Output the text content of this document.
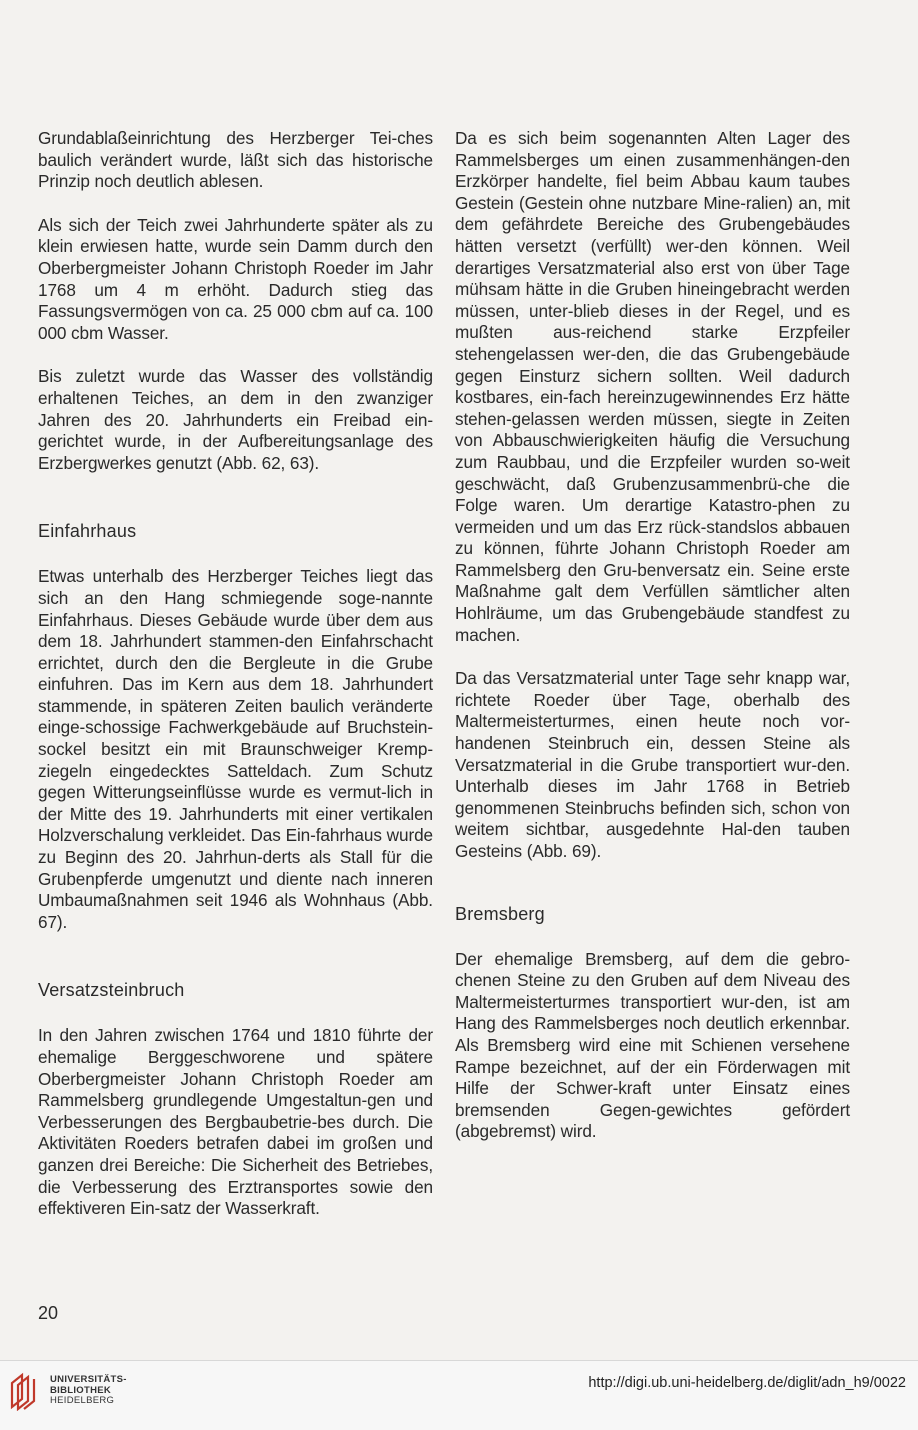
Grundablaßeinrichtung des Herzberger Tei-ches baulich verändert wurde, läßt sich das historische Prinzip noch deutlich ablesen.

Als sich der Teich zwei Jahrhunderte später als zu klein erwiesen hatte, wurde sein Damm durch den Oberbergmeister Johann Christoph Roeder im Jahr 1768 um 4 m erhöht. Dadurch stieg das Fassungsvermögen von ca. 25 000 cbm auf ca. 100 000 cbm Wasser.

Bis zuletzt wurde das Wasser des vollständig erhaltenen Teiches, an dem in den zwanziger Jahren des 20. Jahrhunderts ein Freibad ein-gerichtet wurde, in der Aufbereitungsanlage des Erzbergwerkes genutzt (Abb. 62, 63).

Einfahrhaus

Etwas unterhalb des Herzberger Teiches liegt das sich an den Hang schmiegende soge-nannte Einfahrhaus. Dieses Gebäude wurde über dem aus dem 18. Jahrhundert stammen-den Einfahrschacht errichtet, durch den die Bergleute in die Grube einfuhren. Das im Kern aus dem 18. Jahrhundert stammende, in späteren Zeiten baulich veränderte einge-schossige Fachwerkgebäude auf Bruchstein-sockel besitzt ein mit Braunschweiger Kremp-ziegeln eingedecktes Satteldach. Zum Schutz gegen Witterungseinflüsse wurde es vermut-lich in der Mitte des 19. Jahrhunderts mit einer vertikalen Holzverschalung verkleidet. Das Ein-fahrhaus wurde zu Beginn des 20. Jahrhun-derts als Stall für die Grubenpferde umgenutzt und diente nach inneren Umbaumaßnahmen seit 1946 als Wohnhaus (Abb. 67).

Versatzsteinbruch

In den Jahren zwischen 1764 und 1810 führte der ehemalige Berggeschworene und spätere Oberbergmeister Johann Christoph Roeder am Rammelsberg grundlegende Umgestaltun-gen und Verbesserungen des Bergbaubetrie-bes durch. Die Aktivitäten Roeders betrafen dabei im großen und ganzen drei Bereiche: Die Sicherheit des Betriebes, die Verbesserung des Erztransportes sowie den effektiveren Ein-satz der Wasserkraft.

Da es sich beim sogenannten Alten Lager des Rammelsberges um einen zusammenhängen-den Erzkörper handelte, fiel beim Abbau kaum taubes Gestein (Gestein ohne nutzbare Mine-ralien) an, mit dem gefährdete Bereiche des Grubengebäudes hätten versetzt (verfüllt) wer-den können. Weil derartiges Versatzmaterial also erst von über Tage mühsam hätte in die Gruben hineingebracht werden müssen, unter-blieb dieses in der Regel, und es mußten aus-reichend starke Erzpfeiler stehengelassen wer-den, die das Grubengebäude gegen Einsturz sichern sollten. Weil dadurch kostbares, ein-fach hereinzugewinnendes Erz hätte stehen-gelassen werden müssen, siegte in Zeiten von Abbauschwierigkeiten häufig die Versuchung zum Raubbau, und die Erzpfeiler wurden so-weit geschwächt, daß Grubenzusammenbrü-che die Folge waren. Um derartige Katastro-phen zu vermeiden und um das Erz rück-standslos abbauen zu können, führte Johann Christoph Roeder am Rammelsberg den Gru-benversatz ein. Seine erste Maßnahme galt dem Verfüllen sämtlicher alten Hohlräume, um das Grubengebäude standfest zu machen.

Da das Versatzmaterial unter Tage sehr knapp war, richtete Roeder über Tage, oberhalb des Maltermeisterturmes, einen heute noch vor-handenen Steinbruch ein, dessen Steine als Versatzmaterial in die Grube transportiert wur-den. Unterhalb dieses im Jahr 1768 in Betrieb genommenen Steinbruchs befinden sich, schon von weitem sichtbar, ausgedehnte Hal-den tauben Gesteins (Abb. 69).

Bremsberg

Der ehemalige Bremsberg, auf dem die gebro-chenen Steine zu den Gruben auf dem Niveau des Maltermeisterturmes transportiert wur-den, ist am Hang des Rammelsberges noch deutlich erkennbar. Als Bremsberg wird eine mit Schienen versehene Rampe bezeichnet, auf der ein Förderwagen mit Hilfe der Schwer-kraft unter Einsatz eines bremsenden Gegen-gewichtes gefördert (abgebremst) wird.

20
UNIVERSITÄTS-
BIBLIOTHEK
HEIDELBERG
http://digi.ub.uni-heidelberg.de/diglit/adn_h9/0022
